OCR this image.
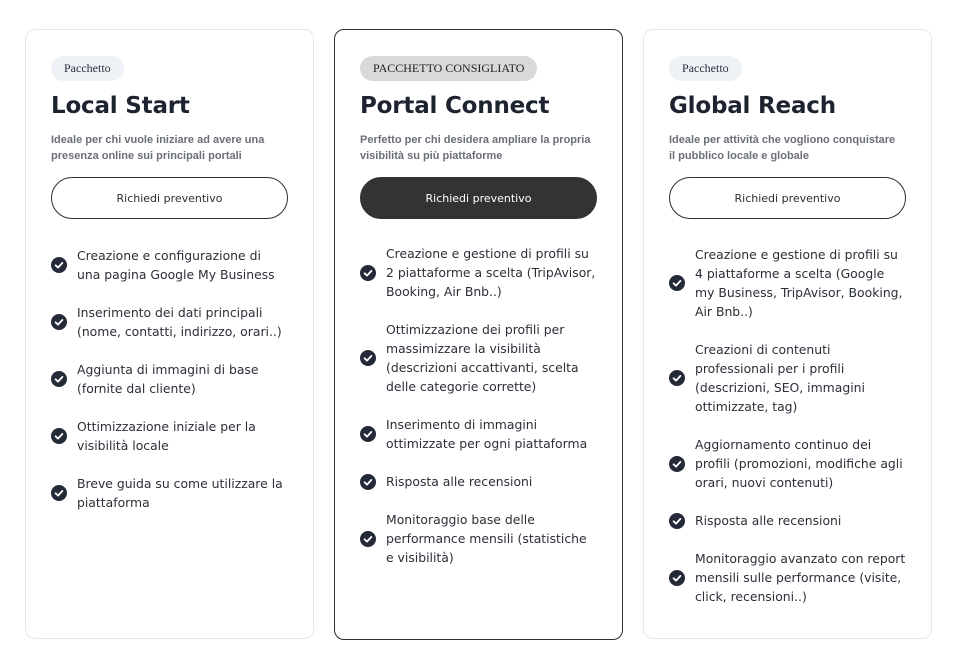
Pacchetto
Local Start

Ideale per chi vuole iniziare ad avere una presenza online sui principali portali

Richiedi preventivo
Creazione e configurazione di una pagina Google My Business
Inserimento dei dati principali (nome, contatti, indirizzo, orari..)
Aggiunta di immagini di base (fornite dal cliente)
Ottimizzazione iniziale per la visibilità locale
Breve guida su come utilizzare la piattaforma
PACCHETTO CONSIGLIATO
Portal Connect

Perfetto per chi desidera ampliare la propria visibilità su più piattaforme

Richiedi preventivo
Creazione e gestione di profili su 2 piattaforme a scelta (TripAvisor, Booking, Air Bnb..)
Ottimizzazione dei profili per massimizzare la visibilità (descrizioni accattivanti, scelta delle categorie corrette)
Inserimento di immagini ottimizzate per ogni piattaforma
Risposta alle recensioni
Monitoraggio base delle performance mensili (statistiche e visibilità)
Pacchetto
Global Reach

Ideale per attività che vogliono conquistare il pubblico locale e globale

Richiedi preventivo
Creazione e gestione di profili su 4 piattaforme a scelta (Google my Business, TripAvisor, Booking, Air Bnb..)
Creazioni di contenuti professionali per i profili (descrizioni, SEO, immagini ottimizzate, tag)
Aggiornamento continuo dei profili (promozioni, modifiche agli orari, nuovi contenuti)
Risposta alle recensioni
Monitoraggio avanzato con report mensili sulle performance (visite, click, recensioni..)
